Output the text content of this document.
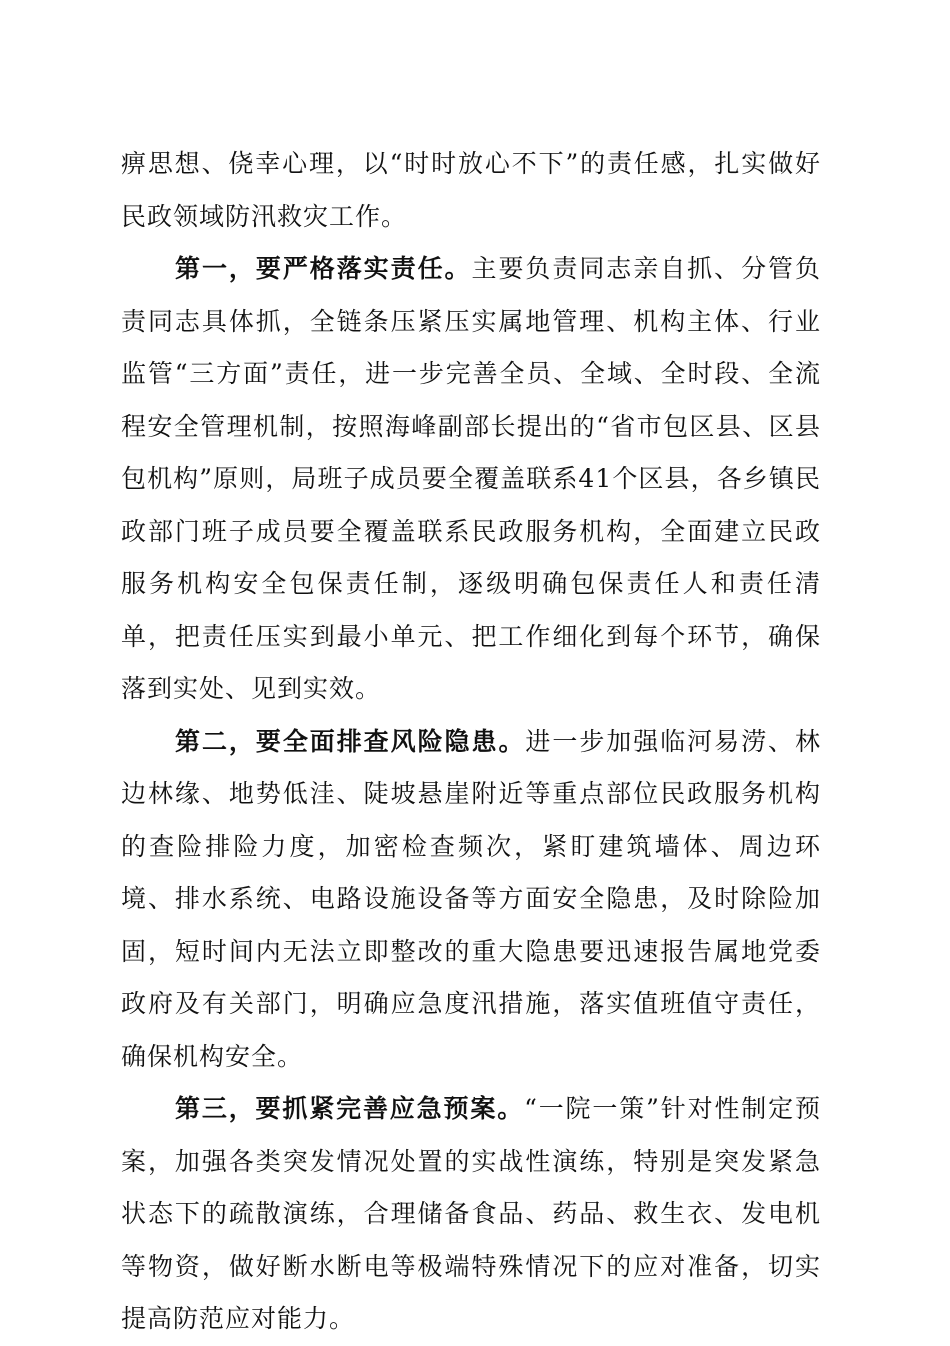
痹思想、侥幸心理，以“时时放心不下”的责任感，扎实做好民政领域防汛救灾工作。

第一，要严格落实责任。主要负责同志亲自抓、分管负责同志具体抓，全链条压紧压实属地管理、机构主体、行业监管“三方面”责任，进一步完善全员、全域、全时段、全流程安全管理机制，按照海峰副部长提出的“省市包区县、区县包机构”原则，局班子成员要全覆盖联系41个区县，各乡镇民政部门班子成员要全覆盖联系民政服务机构，全面建立民政服务机构安全包保责任制，逐级明确包保责任人和责任清单，把责任压实到最小单元、把工作细化到每个环节，确保落到实处、见到实效。

第二，要全面排查风险隐患。进一步加强临河易涝、林边林缘、地势低洼、陡坡悬崖附近等重点部位民政服务机构的查险排险力度，加密检查频次，紧盯建筑墙体、周边环境、排水系统、电路设施设备等方面安全隐患，及时除险加固，短时间内无法立即整改的重大隐患要迅速报告属地党委政府及有关部门，明确应急度汛措施，落实值班值守责任，确保机构安全。

第三，要抓紧完善应急预案。“一院一策”针对性制定预案，加强各类突发情况处置的实战性演练，特别是突发紧急状态下的疏散演练，合理储备食品、药品、救生衣、发电机等物资，做好断水断电等极端特殊情况下的应对准备，切实提高防范应对能力。
